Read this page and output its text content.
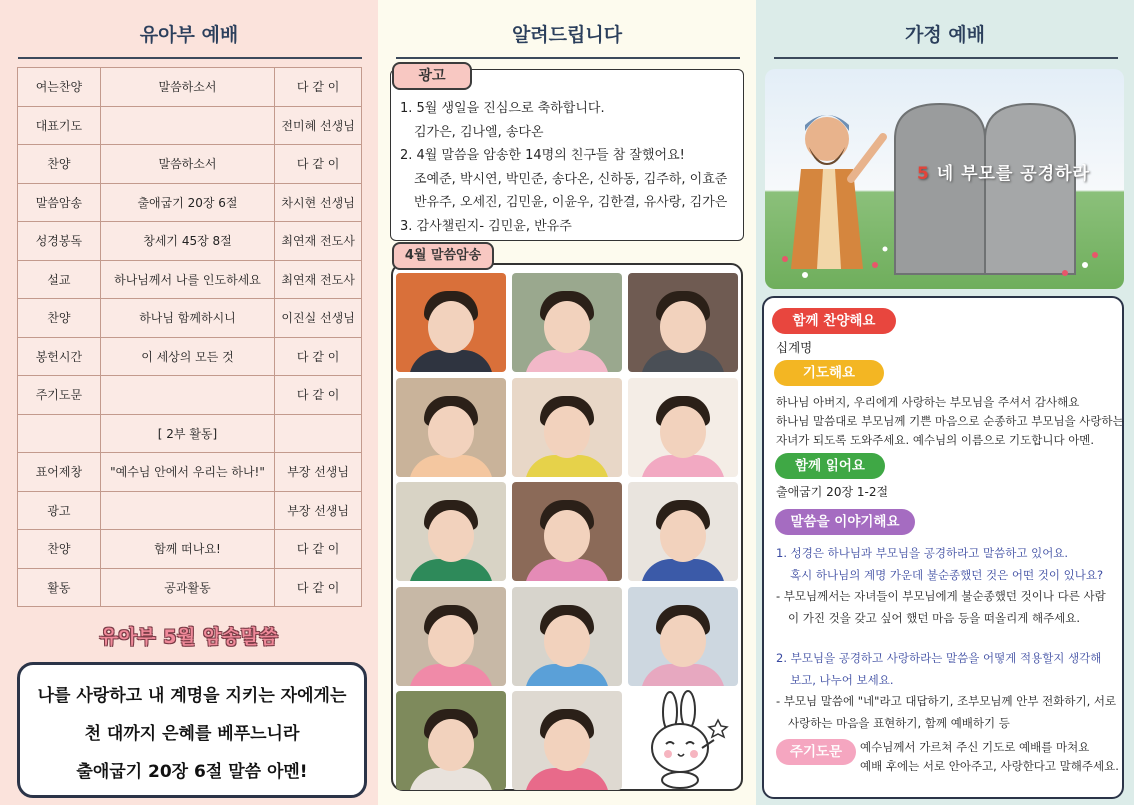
유아부 예배
여는찬양	말씀하소서	다 같 이
대표기도		전미혜 선생님
찬양	말씀하소서	다 같 이
말씀암송	출애굽기 20장 6절	차시현 선생님
성경봉독	창세기 45장 8절	최연재 전도사
설교	하나님께서 나를 인도하세요	최연재 전도사
찬양	하나님 함께하시니	이진실 선생님
봉헌시간	이 세상의 모든 것	다 같 이
주기도문		다 같 이
	[ 2부 활동]	
표어제창	"예수님 안에서 우리는 하나!"	부장 선생님
광고		부장 선생님
찬양	함께 떠나요!	다 같 이
활동	공과활동	다 같 이
유아부 5월 암송말씀
나를 사랑하고 내 계명을 지키는 자에게는
천 대까지 은혜를 베푸느니라
출애굽기 20장 6절 말씀 아멘!
알려드립니다
광고
1. 5월 생일을 진심으로 축하합니다.
김가은, 김나엘, 송다온
2. 4월 말씀을 암송한 14명의 친구들 참 잘했어요!
조예준, 박시연, 박민준, 송다온, 신하동, 김주하, 이효준
반유주, 오세진, 김민윤, 이윤우, 김한결, 유사랑, 김가은
3. 감사챌린지- 김민윤, 반유주
4월 말씀암송
가정 예배
5 네 부모를 공경하라
함께 찬양해요
십계명
기도해요
하나님 아버지, 우리에게 사랑하는 부모님을 주셔서 감사해요
하나님 말씀대로 부모님께 기쁜 마음으로 순종하고 부모님을 사랑하는
자녀가 되도록 도와주세요. 예수님의 이름으로 기도합니다 아멘.
함께 읽어요
출애굽기 20장 1-2절
말씀을 이야기해요
1. 성경은 하나님과 부모님을 공경하라고 말씀하고 있어요.
혹시 하나님의 계명 가운데 불순종했던 것은 어떤 것이 있나요?
- 부모님께서는 자녀들이 부모님에게 불순종했던 것이나 다른 사람
이 가진 것을 갖고 싶어 했던 마음 등을 떠올리게 해주세요.
2. 부모님을 공경하고 사랑하라는 말씀을 어떻게 적용할지 생각해
보고, 나누어 보세요.
- 부모님 말씀에 "네"라고 대답하기, 조부모님께 안부 전화하기, 서로
사랑하는 마음을 표현하기, 함께 예배하기 등
주기도문	예수님께서 가르쳐 주신 기도로 예배를 마쳐요
예배 후에는 서로 안아주고, 사랑한다고 말해주세요.
